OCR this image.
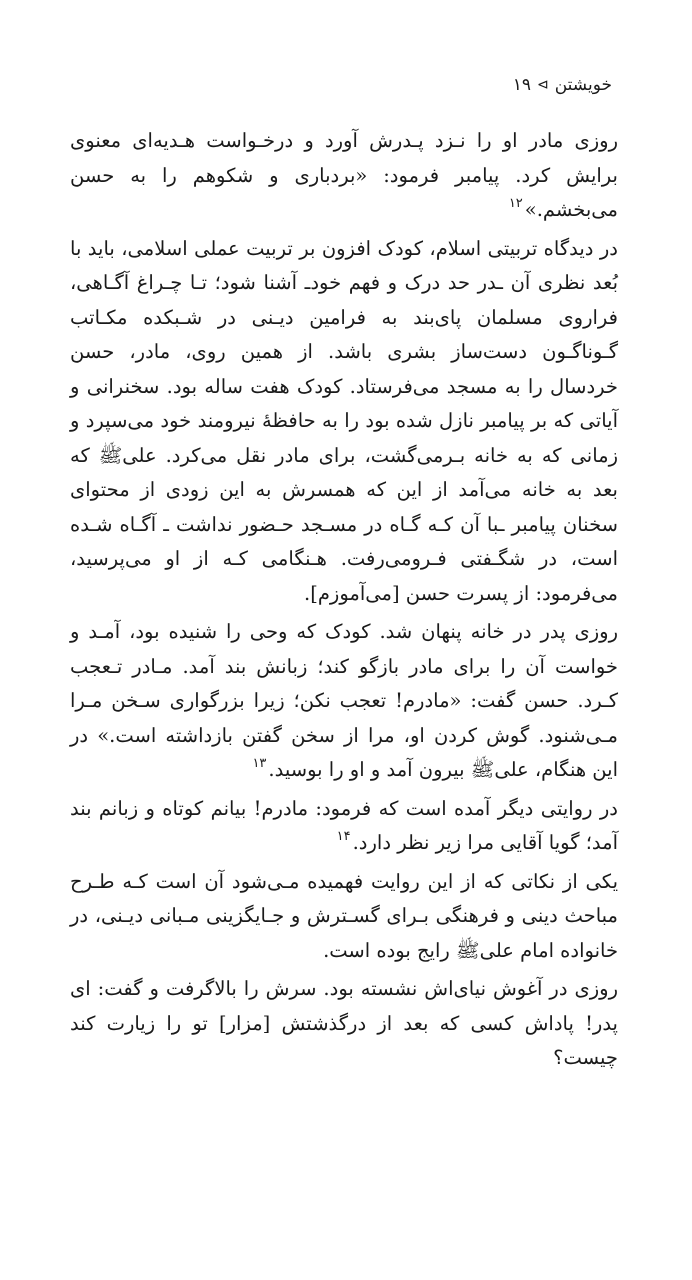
خویشتن
⊳
۱۹

روزی مادر او را نـزد پـدرش آورد و درخـواست هـدیه‌ای معنوی برایش کرد. پیامبر فرمود: «بردباری و شکوهم را به حسن می‌بخشم.»$^{۱۲}$

در دیدگاه تربیتی اسلام، کودک افزون بر تربیت عملی اسلامی، باید با بُعد نظری آن ـدر حد درک و فهم خودـ آشنا شود؛ تـا چـراغ آگـاهی، فراروی مسلمان پای‌بند به فرامین دیـنی در شـبکده مکـاتب گـوناگـون دست‌ساز بشری باشد. از همین روی، مادر، حسن خردسال را به مسجد می‌فرستاد. کودک هفت ساله بود. سخنرانی و آیاتی که بر پیامبر نازل شده بود را به حافظهٔ نیرومند خود می‌سپرد و زمانی که به خانه بـرمی‌گشت، برای مادر نقل می‌کرد. علی‌ﷺ که بعد به خانه می‌آمد از این که همسرش به این زودی از محتوای سخنان پیامبر ـبا آن کـه گـاه در مسـجد حـضور نداشت ـ آگـاه شـده است، در شگـفتی فـرومی‌رفت. هـنگامی کـه از او می‌پرسید، می‌فرمود: از پسرت حسن [می‌آموزم].

روزی پدر در خانه پنهان شد. کودک که وحی را شنیده بود، آمـد و خواست آن را برای مادر بازگو کند؛ زبانش بند آمد. مـادر تـعجب کـرد. حسن گفت: «مادرم! تعجب نکن؛ زیرا بزرگواری سـخن مـرا مـی‌شنود. گوش کردن او، مرا از سخن گفتن بازداشته است.» در این هنگام، علی‌ﷺ بیرون آمد و او را بوسید.$^{۱۳}$

در روایتی دیگر آمده است که فرمود: مادرم! بیانم کوتاه و زبانم بند آمد؛ گویا آقایی مرا زیر نظر دارد.$^{۱۴}$

یکی از نکاتی که از این روایت فهمیده مـی‌شود آن است کـه طـرح مباحث دینی و فرهنگی بـرای گسـترش و جـایگزینی مـبانی دیـنی، در خانواده امام علی‌ﷺ رایج بوده است.

روزی در آغوش نیای‌اش نشسته بود. سرش را بالاگرفت و گفت: ای پدر! پاداش کسی که بعد از درگذشتش [مزار] تو را زیارت کند چیست؟
